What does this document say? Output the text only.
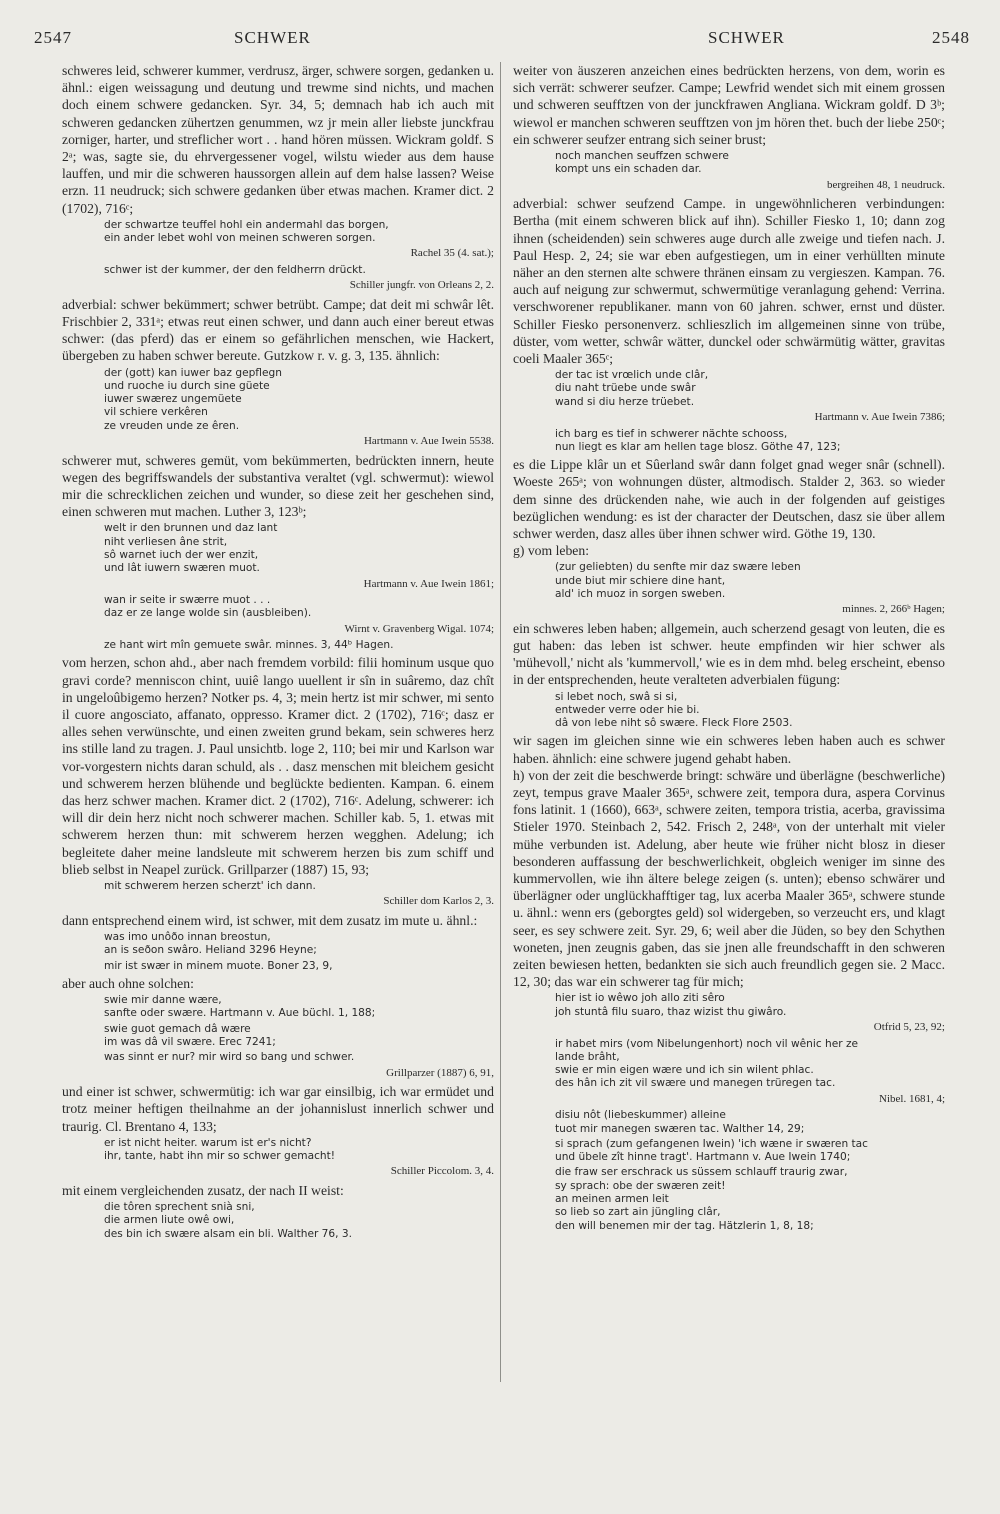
2547	SCHWER	SCHWER	2548

schweres leid, schwerer kummer, verdrusz, ärger, schwere sorgen, gedanken u. ähnl.: eigen weissagung und deutung und trewme sind nichts, und machen doch einem schwere gedancken. Syr. 34, 5; demnach hab ich auch mit schweren gedancken zühertzen genummen, wz jr mein aller liebste junckfrau zorniger, harter, und streflicher wort . . hand hören müssen. Wickram goldf. S 2ᵃ; was, sagte sie, du ehrvergessener vogel, wilstu wieder aus dem hause lauffen, und mir die schweren haussorgen allein auf dem halse lassen? Weise erzn. 11 neudruck; sich schwere gedanken über etwas machen. Kramer dict. 2 (1702), 716ᶜ;

der schwartze teuffel hohl ein andermahl das borgen,
ein ander lebet wohl von meinen schweren sorgen.
Rachel 35 (4. sat.);
schwer ist der kummer, der den feldherrn drückt.
Schiller jungfr. von Orleans 2, 2.

adverbial: schwer bekümmert; schwer betrübt. Campe; dat deit mi schwâr lêt. Frischbier 2, 331ᵃ; etwas reut einen schwer, und dann auch einer bereut etwas schwer: (das pferd) das er einem so gefährlichen menschen, wie Hackert, übergeben zu haben schwer bereute. Gutzkow r. v. g. 3, 135. ähnlich:

der (gott) kan iuwer baz gepflegn
und ruoche iu durch sine güete
iuwer swærez ungemüete
vil schiere verkêren
ze vreuden unde ze êren.
Hartmann v. Aue Iwein 5538.

schwerer mut, schweres gemüt, vom bekümmerten, bedrückten innern, heute wegen des begriffswandels der substantiva veraltet (vgl. schwermut): wiewol mir die schrecklichen zeichen und wunder, so diese zeit her geschehen sind, einen schweren mut machen. Luther 3, 123ᵇ;

welt ir den brunnen und daz lant
niht verliesen âne strit,
sô warnet iuch der wer enzit,
und lât iuwern swæren muot.
Hartmann v. Aue Iwein 1861;
wan ir seite ir swærre muot . . .
daz er ze lange wolde sin (ausbleiben).
Wirnt v. Gravenberg Wigal. 1074;
ze hant wirt mîn gemuete swâr. minnes. 3, 44ᵇ Hagen.

vom herzen, schon ahd., aber nach fremdem vorbild: filii hominum usque quo gravi corde? menniscon chint, uuiê lango uuellent ir sîn in suâremo, daz chît in ungeloûbigemo herzen? Notker ps. 4, 3; mein hertz ist mir schwer, mi sento il cuore angosciato, affanato, oppresso. Kramer dict. 2 (1702), 716ᶜ; dasz er alles sehen verwünschte, und einen zweiten grund bekam, sein schweres herz ins stille land zu tragen. J. Paul unsichtb. loge 2, 110; bei mir und Karlson war vor-vorgestern nichts daran schuld, als . . dasz menschen mit bleichem gesicht und schwerem herzen blühende und beglückte bedienten. Kampan. 6. einem das herz schwer machen. Kramer dict. 2 (1702), 716ᶜ. Adelung, schwerer: ich will dir dein herz nicht noch schwerer machen. Schiller kab. 5, 1. etwas mit schwerem herzen thun: mit schwerem herzen wegghen. Adelung; ich begleitete daher meine landsleute mit schwerem herzen bis zum schiff und blieb selbst in Neapel zurück. Grillparzer (1887) 15, 93;

mit schwerem herzen scherzt' ich dann.
Schiller dom Karlos 2, 3.

dann entsprechend einem wird, ist schwer, mit dem zusatz im mute u. ähnl.:

was imo unôðo innan breostun,
an is seðon swâro. Heliand 3296 Heyne;
mir ist swær in minem muote. Boner 23, 9,

aber auch ohne solchen:

swie mir danne wære,
sanfte oder swære. Hartmann v. Aue büchl. 1, 188;
swie guot gemach dâ wære
im was dâ vil swære. Erec 7241;
was sinnt er nur? mir wird so bang und schwer.
Grillparzer (1887) 6, 91,

und einer ist schwer, schwermütig: ich war gar einsilbig, ich war ermüdet und trotz meiner heftigen theilnahme an der johannislust innerlich schwer und traurig. Cl. Brentano 4, 133;

er ist nicht heiter. warum ist er's nicht?
ihr, tante, habt ihn mir so schwer gemacht!
Schiller Piccolom. 3, 4.

mit einem vergleichenden zusatz, der nach II weist:

die tôren sprechent snià sni,
die armen liute owê owi,
des bin ich swære alsam ein bli. Walther 76, 3.

weiter von äuszeren anzeichen eines bedrückten herzens, von dem, worin es sich verrät: schwerer seufzer. Campe; Lewfrid wendet sich mit einem grossen und schweren seufftzen von der junckfrawen Angliana. Wickram goldf. D 3ᵇ; wiewol er manchen schweren seufftzen von jm hören thet. buch der liebe 250ᶜ; ein schwerer seufzer entrang sich seiner brust;

noch manchen seuffzen schwere
kompt uns ein schaden dar.
bergreihen 48, 1 neudruck.

adverbial: schwer seufzend Campe. in ungewöhnlicheren verbindungen: Bertha (mit einem schweren blick auf ihn). Schiller Fiesko 1, 10; dann zog ihnen (scheidenden) sein schweres auge durch alle zweige und tiefen nach. J. Paul Hesp. 2, 24; sie war eben aufgestiegen, um in einer verhüllten minute näher an den sternen alte schwere thränen einsam zu vergieszen. Kampan. 76. auch auf neigung zur schwermut, schwermütige veranlagung gehend: Verrina. verschworener republikaner. mann von 60 jahren. schwer, ernst und düster. Schiller Fiesko personenverz. schlieszlich im allgemeinen sinne von trübe, düster, vom wetter, schwâr wätter, dunckel oder schwärmütig wätter, gravitas coeli Maaler 365ᶜ;

der tac ist vrœlich unde clâr,
diu naht trüebe unde swâr
wand si diu herze trüebet.
Hartmann v. Aue Iwein 7386;
ich barg es tief in schwerer nächte schooss,
nun liegt es klar am hellen tage blosz. Göthe 47, 123;

es die Lippe klâr un et Sûerland swâr dann folget gnad weger snâr (schnell). Woeste 265ᵃ; von wohnungen düster, altmodisch. Stalder 2, 363. so wieder dem sinne des drückenden nahe, wie auch in der folgenden auf geistiges bezüglichen wendung: es ist der character der Deutschen, dasz sie über allem schwer werden, dasz alles über ihnen schwer wird. Göthe 19, 130.

g) vom leben:

(zur geliebten) du senfte mir daz swære leben
unde biut mir schiere dine hant,
ald' ich muoz in sorgen sweben.
minnes. 2, 266ᵇ Hagen;

ein schweres leben haben; allgemein, auch scherzend gesagt von leuten, die es gut haben: das leben ist schwer. heute empfinden wir hier schwer als 'mühevoll,' nicht als 'kummervoll,' wie es in dem mhd. beleg erscheint, ebenso in der entsprechenden, heute veralteten adverbialen fügung:

si lebet noch, swâ si si,
entweder verre oder hie bi.
dâ von lebe niht sô swære. Fleck Flore 2503.

wir sagen im gleichen sinne wie ein schweres leben haben auch es schwer haben. ähnlich: eine schwere jugend gehabt haben.

h) von der zeit die beschwerde bringt: schwäre und überlägne (beschwerliche) zeyt, tempus grave Maaler 365ᵃ, schwere zeit, tempora dura, aspera Corvinus fons latinit. 1 (1660), 663ᵃ, schwere zeiten, tempora tristia, acerba, gravissima Stieler 1970. Steinbach 2, 542. Frisch 2, 248ᵃ, von der unterhalt mit vieler mühe verbunden ist. Adelung, aber heute wie früher nicht blosz in dieser besonderen auffassung der beschwerlichkeit, obgleich weniger im sinne des kummervollen, wie ihn ältere belege zeigen (s. unten); ebenso schwärer und überlägner oder unglückhafftiger tag, lux acerba Maaler 365ᵃ, schwere stunde u. ähnl.: wenn ers (geborgtes geld) sol widergeben, so verzeucht ers, und klagt seer, es sey schwere zeit. Syr. 29, 6; weil aber die Jüden, so bey den Schythen woneten, jnen zeugnis gaben, das sie jnen alle freundschafft in den schweren zeiten bewiesen hetten, bedankten sie sich auch freundlich gegen sie. 2 Macc. 12, 30; das war ein schwerer tag für mich;

hier ist io wêwo joh allo ziti sêro
joh stuntâ filu suaro, thaz wizist thu giwâro.
Otfrid 5, 23, 92;
ir habet mirs (vom Nibelungenhort) noch vil wênic her ze
lande brâht,
swie er min eigen wære und ich sin wilent phlac.
des hân ich zit vil swære und manegen trüregen tac.
Nibel. 1681, 4;
disiu nôt (liebeskummer) alleine
tuot mir manegen swæren tac. Walther 14, 29;
si sprach (zum gefangenen Iwein) 'ich wæne ir swæren tac
und übele zît hinne tragt'. Hartmann v. Aue Iwein 1740;
die fraw ser erschrack us süssem schlauff traurig zwar,
sy sprach: obe der swæren zeit!
an meinen armen leit
so lieb so zart ain jüngling clâr,
den will benemen mir der tag. Hätzlerin 1, 8, 18;
